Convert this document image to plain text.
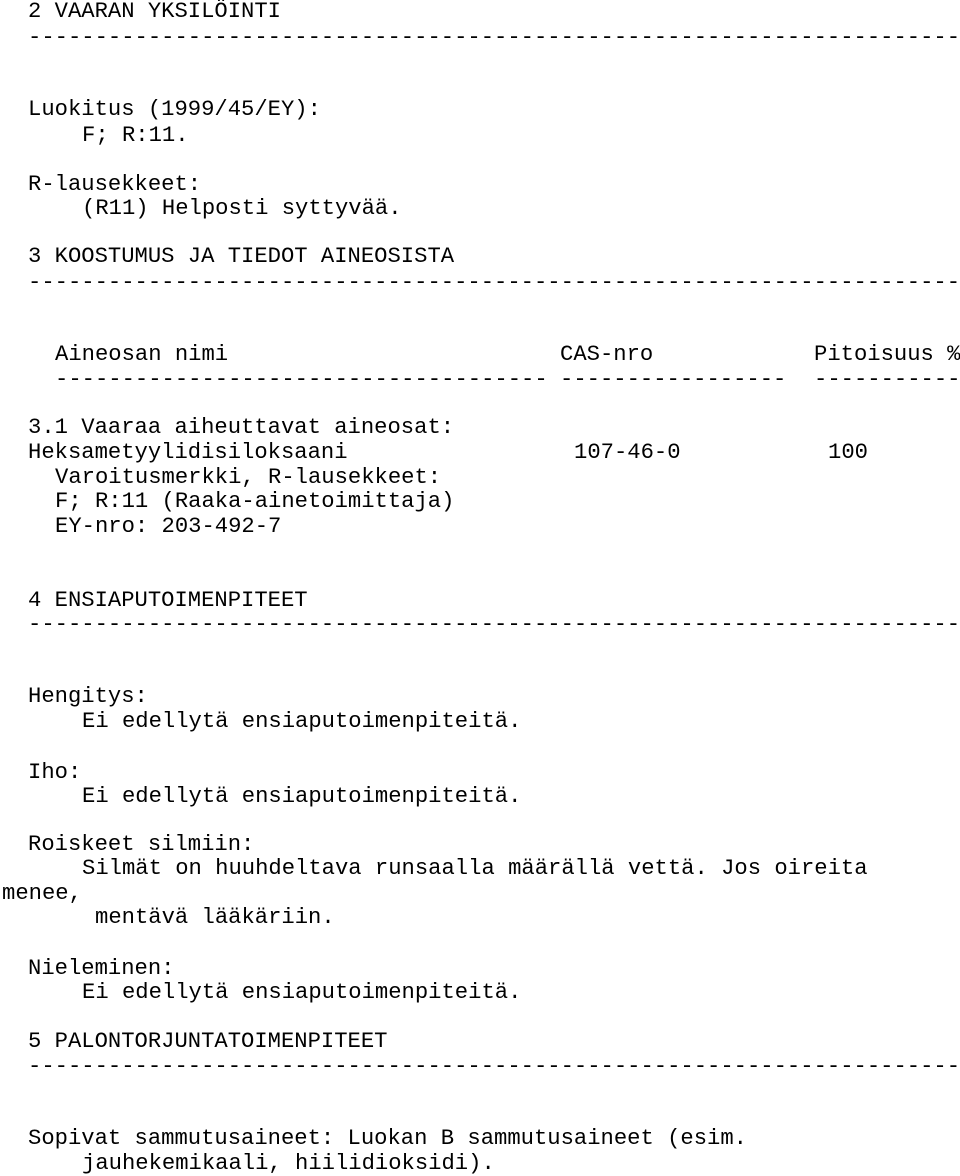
2 VAARAN YKSILÖINTI
----------------------------------------------------------------------
Luokitus (1999/45/EY):
F; R:11.
R-lausekkeet:
(R11) Helposti syttyvää.
3 KOOSTUMUS JA TIEDOT AINEOSISTA
----------------------------------------------------------------------
Aineosan nimi	CAS-nro	Pitoisuus %
------------------------------------- ----------------- -----------
3.1 Vaaraa aiheuttavat aineosat:
Heksametyylidisiloksaani	107-46-0	100
Varoitusmerkki, R-lausekkeet:
F; R:11 (Raaka-ainetoimittaja)
EY-nro: 203-492-7
4 ENSIAPUTOIMENPITEET
----------------------------------------------------------------------
Hengitys:
Ei edellytä ensiaputoimenpiteitä.
Iho:
Ei edellytä ensiaputoimenpiteitä.
Roiskeet silmiin:
Silmät on huuhdeltava runsaalla määrällä vettä. Jos oireita
menee,
mentävä lääkäriin.
Nieleminen:
Ei edellytä ensiaputoimenpiteitä.
5 PALONTORJUNTATOIMENPITEET
----------------------------------------------------------------------
Sopivat sammutusaineet: Luokan B sammutusaineet (esim.
jauhekemikaali, hiilidioksidi).
